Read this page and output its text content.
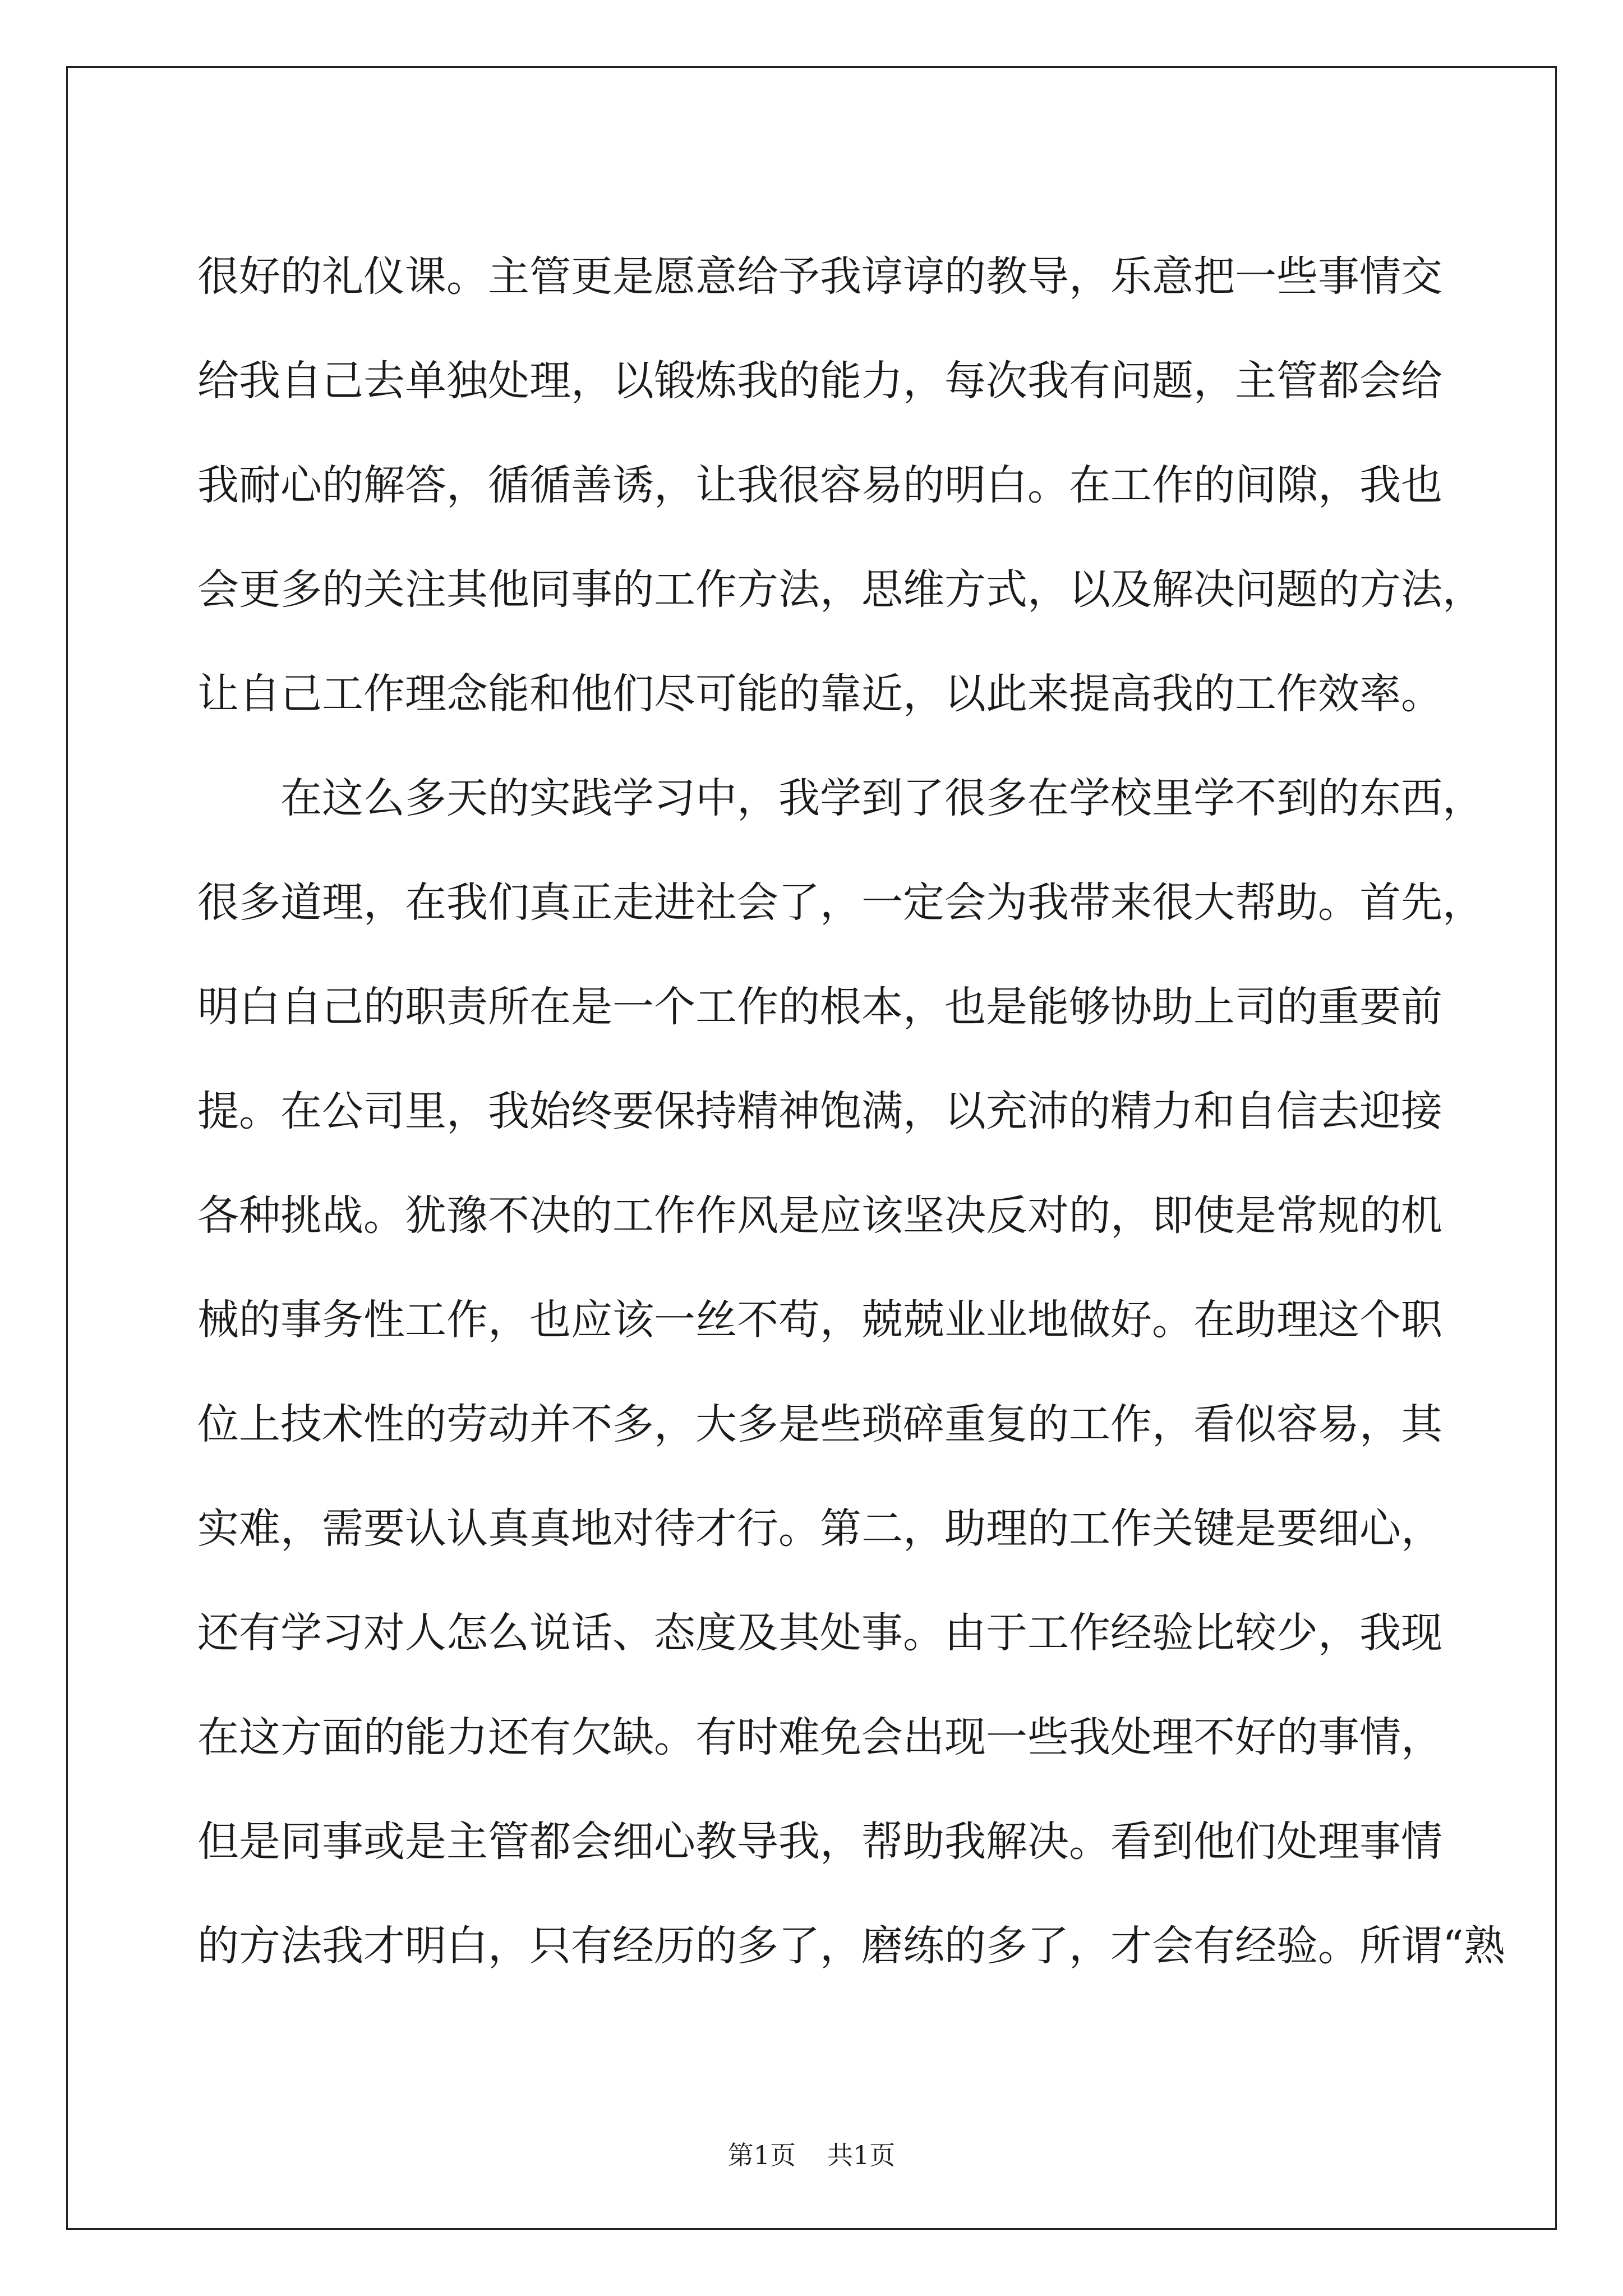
很好的礼仪课。主管更是愿意给予我谆谆的教导，乐意把一些事情交
给我自己去单独处理，以锻炼我的能力，每次我有问题，主管都会给
我耐心的解答，循循善诱，让我很容易的明白。在工作的间隙，我也
会更多的关注其他同事的工作方法，思维方式，以及解决问题的方法，
让自己工作理念能和他们尽可能的靠近，以此来提高我的工作效率。
在这么多天的实践学习中，我学到了很多在学校里学不到的东西，
很多道理，在我们真正走进社会了，一定会为我带来很大帮助。首先，
明白自己的职责所在是一个工作的根本，也是能够协助上司的重要前
提。在公司里，我始终要保持精神饱满，以充沛的精力和自信去迎接
各种挑战。犹豫不决的工作作风是应该坚决反对的，即使是常规的机
械的事务性工作，也应该一丝不苟，兢兢业业地做好。在助理这个职
位上技术性的劳动并不多，大多是些琐碎重复的工作，看似容易，其
实难，需要认认真真地对待才行。第二，助理的工作关键是要细心，
还有学习对人怎么说话、态度及其处事。由于工作经验比较少，我现
在这方面的能力还有欠缺。有时难免会出现一些我处理不好的事情，
但是同事或是主管都会细心教导我，帮助我解决。看到他们处理事情
的方法我才明白，只有经历的多了，磨练的多了，才会有经验。所谓“熟
第1页 共1页
